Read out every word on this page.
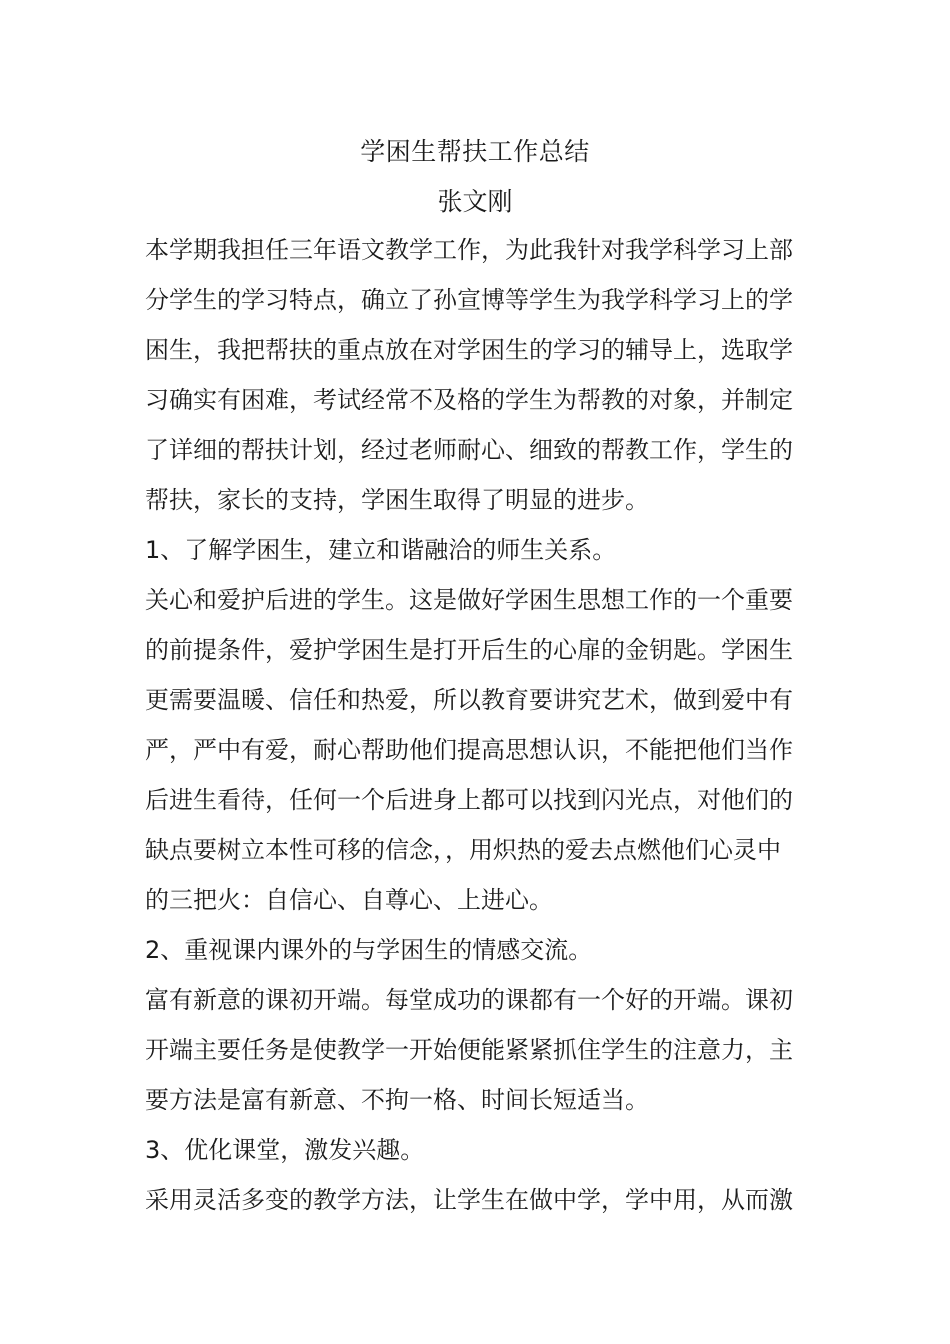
学困生帮扶工作总结
张文刚

本学期我担任三年语文教学工作，为此我针对我学科学习上部

分学生的学习特点，确立了孙宣博等学生为我学科学习上的学

困生，我把帮扶的重点放在对学困生的学习的辅导上，选取学

习确实有困难，考试经常不及格的学生为帮教的对象，并制定

了详细的帮扶计划，经过老师耐心、细致的帮教工作，学生的

帮扶，家长的支持，学困生取得了明显的进步。

1、了解学困生，建立和谐融洽的师生关系。

关心和爱护后进的学生。这是做好学困生思想工作的一个重要

的前提条件，爱护学困生是打开后生的心扉的金钥匙。学困生

更需要温暖、信任和热爱，所以教育要讲究艺术，做到爱中有

严，严中有爱，耐心帮助他们提高思想认识，不能把他们当作

后进生看待，任何一个后进身上都可以找到闪光点，对他们的

缺点要树立本性可移的信念，，用炽热的爱去点燃他们心灵中

的三把火：自信心、自尊心、上进心。

2、重视课内课外的与学困生的情感交流。

富有新意的课初开端。每堂成功的课都有一个好的开端。课初

开端主要任务是使教学一开始便能紧紧抓住学生的注意力，主

要方法是富有新意、不拘一格、时间长短适当。

3、优化课堂，激发兴趣。

采用灵活多变的教学方法，让学生在做中学，学中用，从而激
